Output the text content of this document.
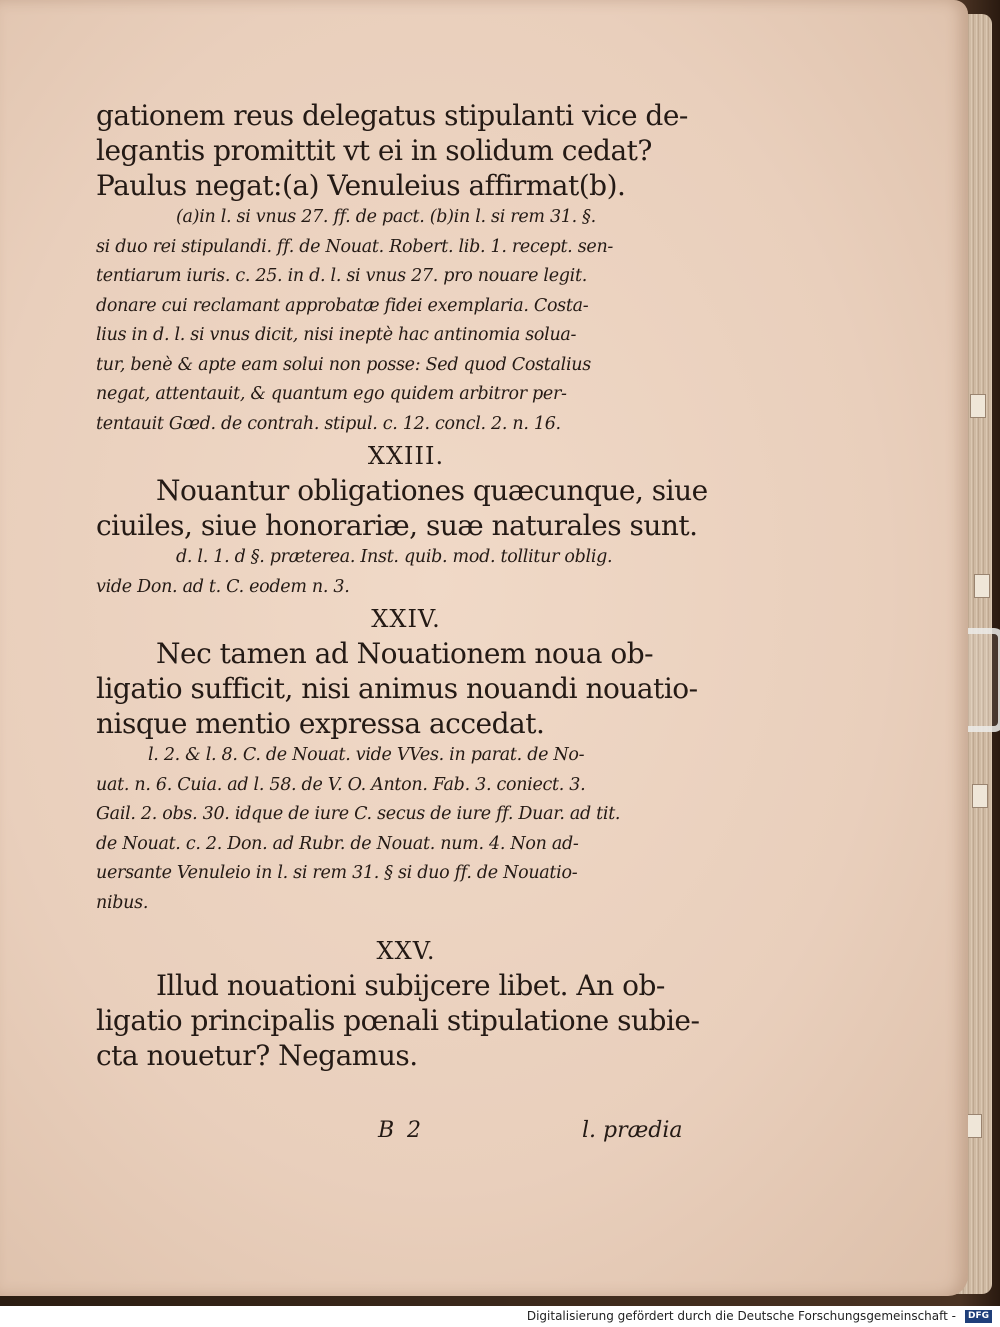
gationem reus delegatus stipulanti vice de-

legantis promittit vt ei in solidum cedat?

Paulus negat:(a) Venuleius affirmat(b).

(a)in l. si vnus 27. ff. de pact. (b)in l. si rem 31. §.

si duo rei stipulandi. ff. de Nouat. Robert. lib. 1. recept. sen-

tentiarum iuris. c. 25. in d. l. si vnus 27. pro nouare legit.

donare cui reclamant approbatæ fidei exemplaria. Costa-

lius in d. l. si vnus dicit, nisi ineptè hac antinomia solua-

tur, benè & apte eam solui non posse: Sed quod Costalius

negat, attentauit, & quantum ego quidem arbitror per-

tentauit Gœd. de contrah. stipul. c. 12. concl. 2. n. 16.

XXIII.

Nouantur obligationes quæcunque, siue

ciuiles, siue honorariæ, suæ naturales sunt.

d. l. 1. d §. præterea. Inst. quib. mod. tollitur oblig.

vide Don. ad t. C. eodem n. 3.

XXIV.

Nec tamen ad Nouationem noua ob-

ligatio sufficit, nisi animus nouandi nouatio-

nisque mentio expressa accedat.

l. 2. & l. 8. C. de Nouat. vide VVes. in parat. de No-

uat. n. 6. Cuia. ad l. 58. de V. O. Anton. Fab. 3. coniect. 3.

Gail. 2. obs. 30. idque de iure C. secus de iure ff. Duar. ad tit.

de Nouat. c. 2. Don. ad Rubr. de Nouat. num. 4. Non ad-

uersante Venuleio in l. si rem 31. § si duo ff. de Nouatio-

nibus.

XXV.

Illud nouationi subijcere libet. An ob-

ligatio principalis pœnali stipulatione subie-

cta nouetur? Negamus.

B 2	l. prædia
Digitalisierung gefördert durch die Deutsche Forschungsgemeinschaft -	DFG
